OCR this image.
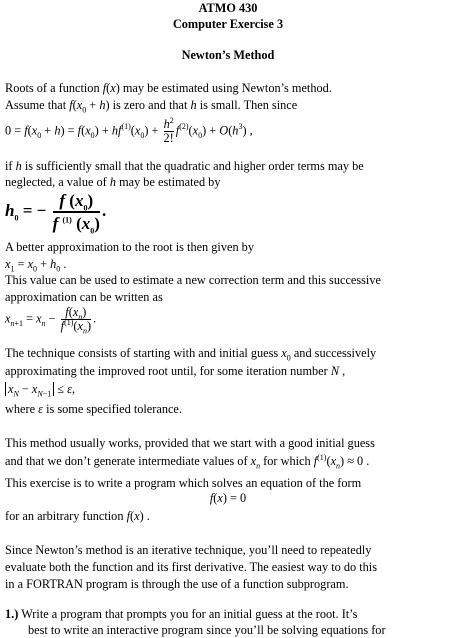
ATMO 430
Computer Exercise 3
Newton’s Method
Roots of a function f(x) may be estimated using Newton’s method.
Assume that $f(x_0 + h)$ is zero and that h is small. Then since
$0 = f(x_0 + h) = f(x_0) + hf^{(1)}(x_0) + \frac{h^2}{2!} f^{(2)}(x_0) + O(h^3)$ ,
if h is sufficiently small that the quadratic and higher order terms may be
neglected, a value of h may be estimated by
$h_0$ = − $\frac{f (x_0)}{f ^{(1)} (x_0)}$ .
A better approximation to the root is then given by
$x_1 = x_0 + h_0$ .
This value can be used to estimate a new correction term and this successive
approximation can be written as
$x_{n+1} = x_n - \frac{f(x_n)}{f^{(1)}(x_n)}$ .
The technique consists of starting with and initial guess $x_0$ and successively
approximating the improved root until, for some iteration number N ,
$x_N - x_{N-1} \le \varepsilon$,
where ε is some specified tolerance.
This method usually works, provided that we start with a good initial guess
and that we don’t generate intermediate values of $x_n$ for which $f^{(1)}(x_n) \approx 0$ .
This exercise is to write a program which solves an equation of the form
f(x) = 0
for an arbitrary function f(x) .
Since Newton’s method is an iterative technique, you’ll need to repeatedly
evaluate both the function and its first derivative. The easiest way to do this
in a FORTRAN program is through the use of a function subprogram.
1.) Write a program that prompts you for an initial guess at the root. It’s
best to write an interactive program since you’ll be solving equations for
